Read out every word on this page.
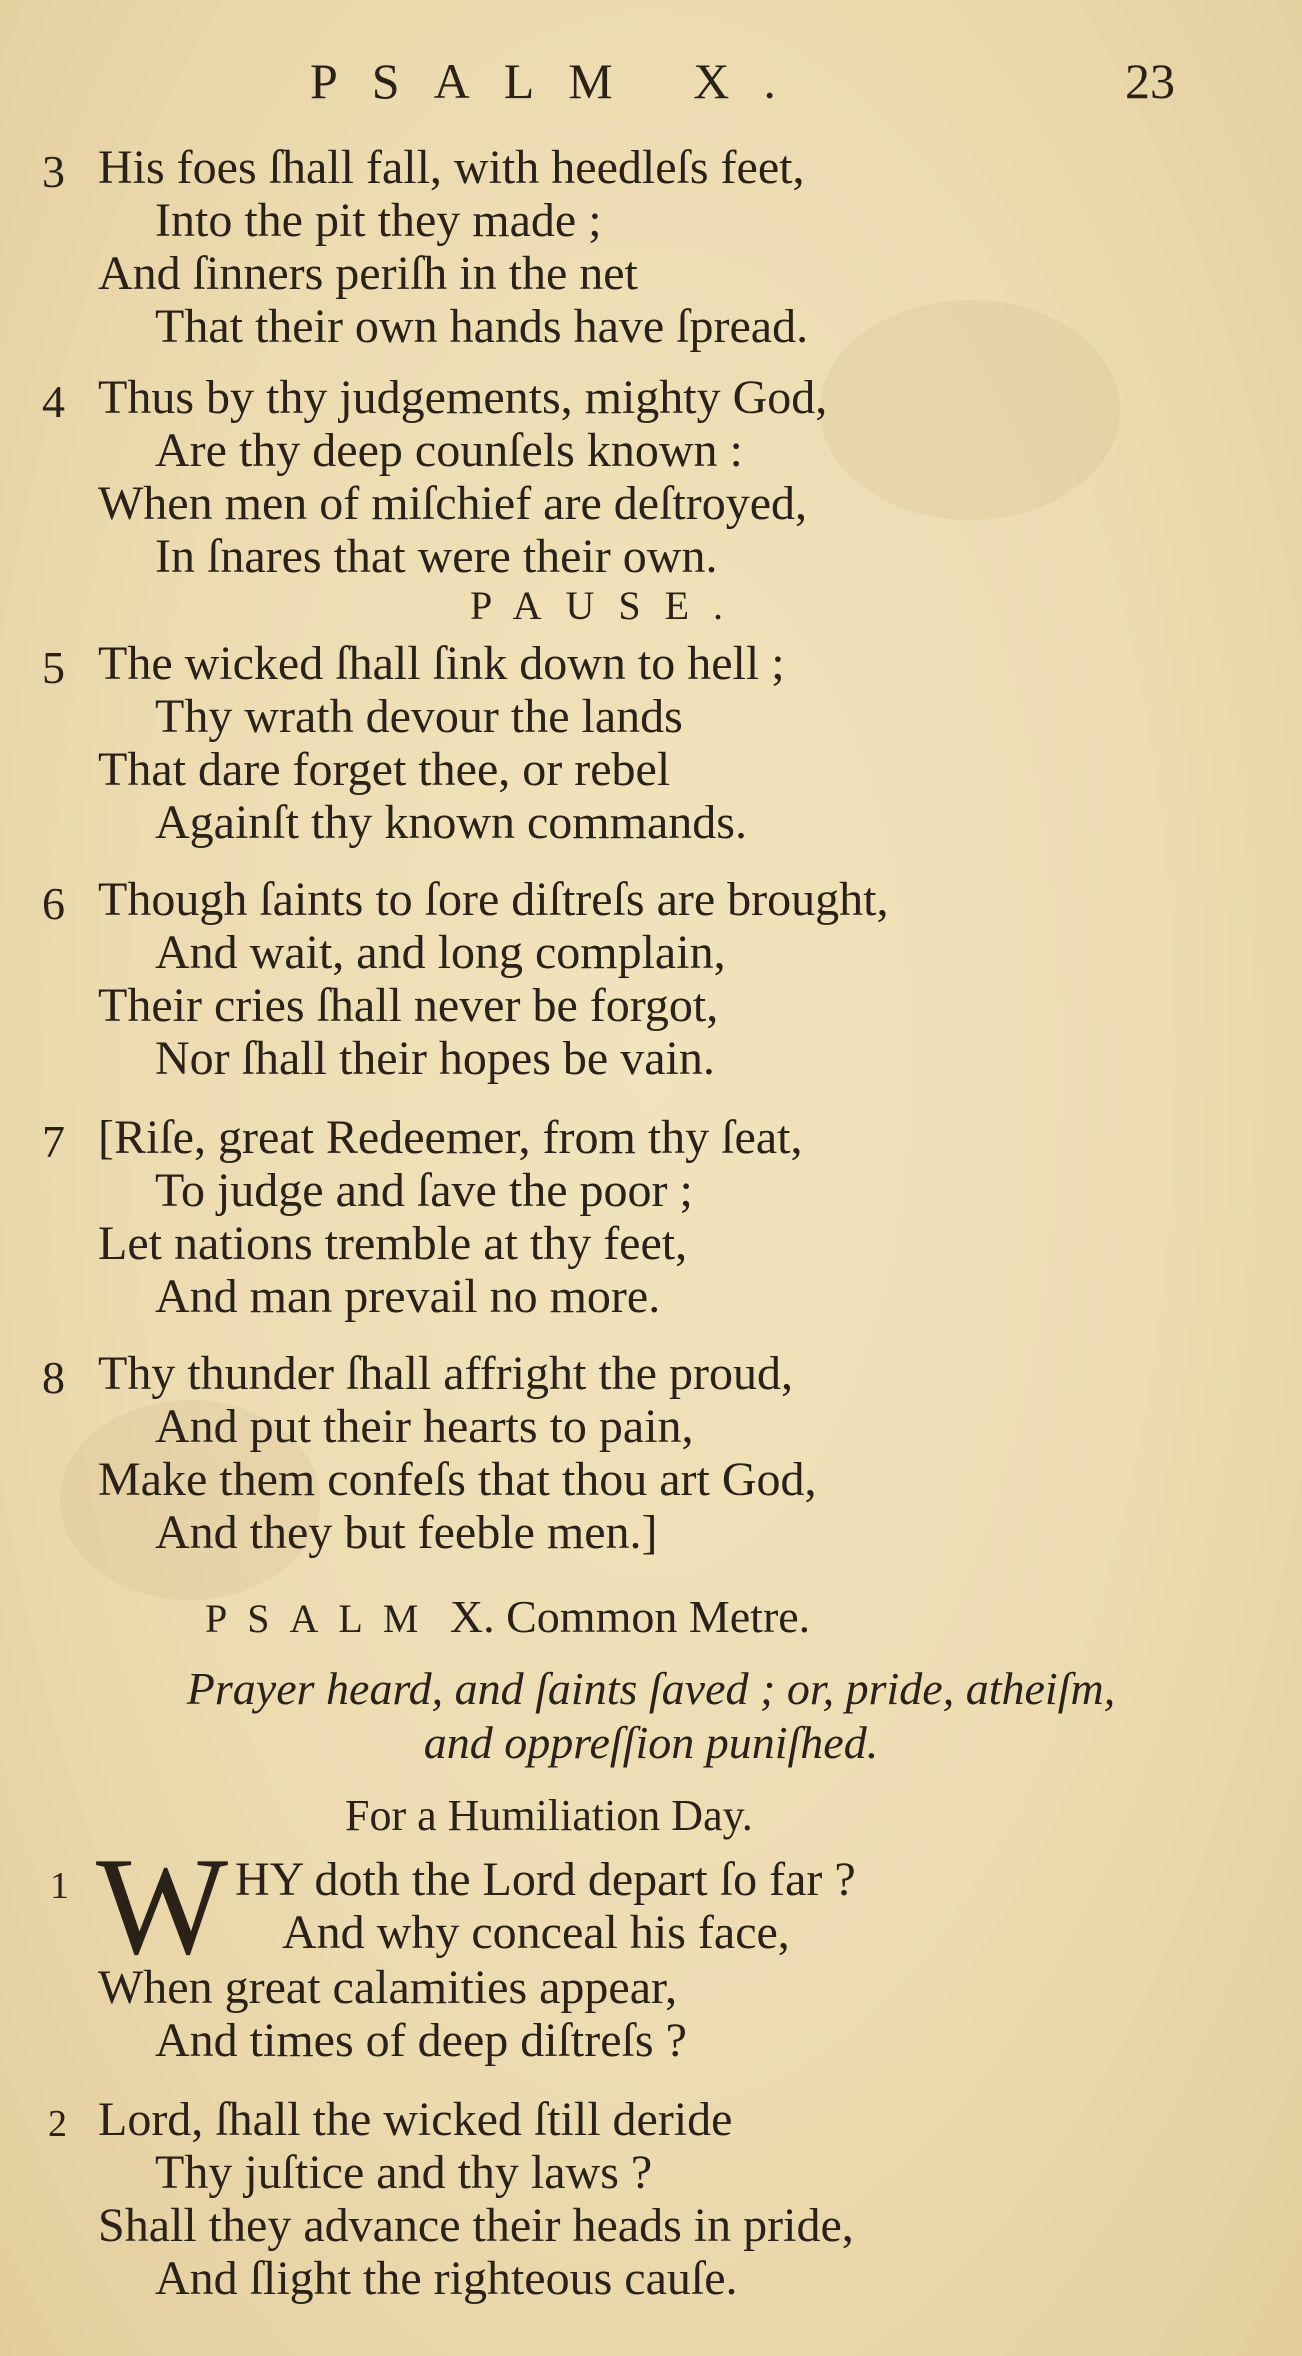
PSALM X.	23
3 His foes ſhall fall, with heedleſs feet,
Into the pit they made ;
And ſinners periſh in the net
That their own hands have ſpread.
4 Thus by thy judgements, mighty God,
Are thy deep counſels known :
When men of miſchief are deſtroyed,
In ſnares that were their own.
PAUSE.
5 The wicked ſhall ſink down to hell ;
Thy wrath devour the lands
That dare forget thee, or rebel
Againſt thy known commands.
6 Though ſaints to ſore diſtreſs are brought,
And wait, and long complain,
Their cries ſhall never be forgot,
Nor ſhall their hopes be vain.
7 [Riſe, great Redeemer, from thy ſeat,
To judge and ſave the poor ;
Let nations tremble at thy feet,
And man prevail no more.
8 Thy thunder ſhall affright the proud,
And put their hearts to pain,
Make them confeſs that thou art God,
And they but feeble men.]
PSALM X. Common Metre.
Prayer heard, and ſaints ſaved ; or, pride, atheiſm,
and oppreſſion puniſhed.
For a Humiliation Day.
1 W HY doth the Lord depart ſo far ?
And why conceal his face,
When great calamities appear,
And times of deep diſtreſs ?
2 Lord, ſhall the wicked ſtill deride
Thy juſtice and thy laws ?
Shall they advance their heads in pride,
And ſlight the righteous cauſe.
